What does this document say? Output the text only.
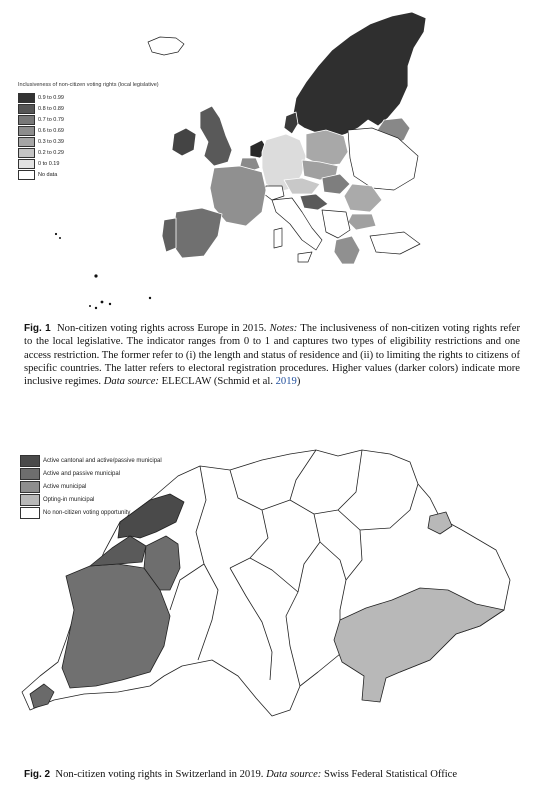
Inclusiveness of non-citizen voting rights (local legislative)
0.9 to 0.99
0.8 to 0.89
0.7 to 0.79
0.6 to 0.69
0.3 to 0.39
0.2 to 0.29
0 to 0.19
No data
Fig. 1 Non-citizen voting rights across Europe in 2015. Notes: The inclusiveness of non-citizen voting rights refer to the local legislative. The indicator ranges from 0 to 1 and captures two types of eligibility restrictions and one access restriction. The former refer to (i) the length and status of residence and (ii) to limiting the rights to citizens of specific countries. The latter refers to electoral registration procedures. Higher values (darker colors) indicate more inclusive regimes. Data source: ELECLAW (Schmid et al. 2019)
Active cantonal and active/passive municipal
Active and passive municipal
Active municipal
Opting-in municipal
No non-citizen voting opportunity
Fig. 2 Non-citizen voting rights in Switzerland in 2019. Data source: Swiss Federal Statistical Office
